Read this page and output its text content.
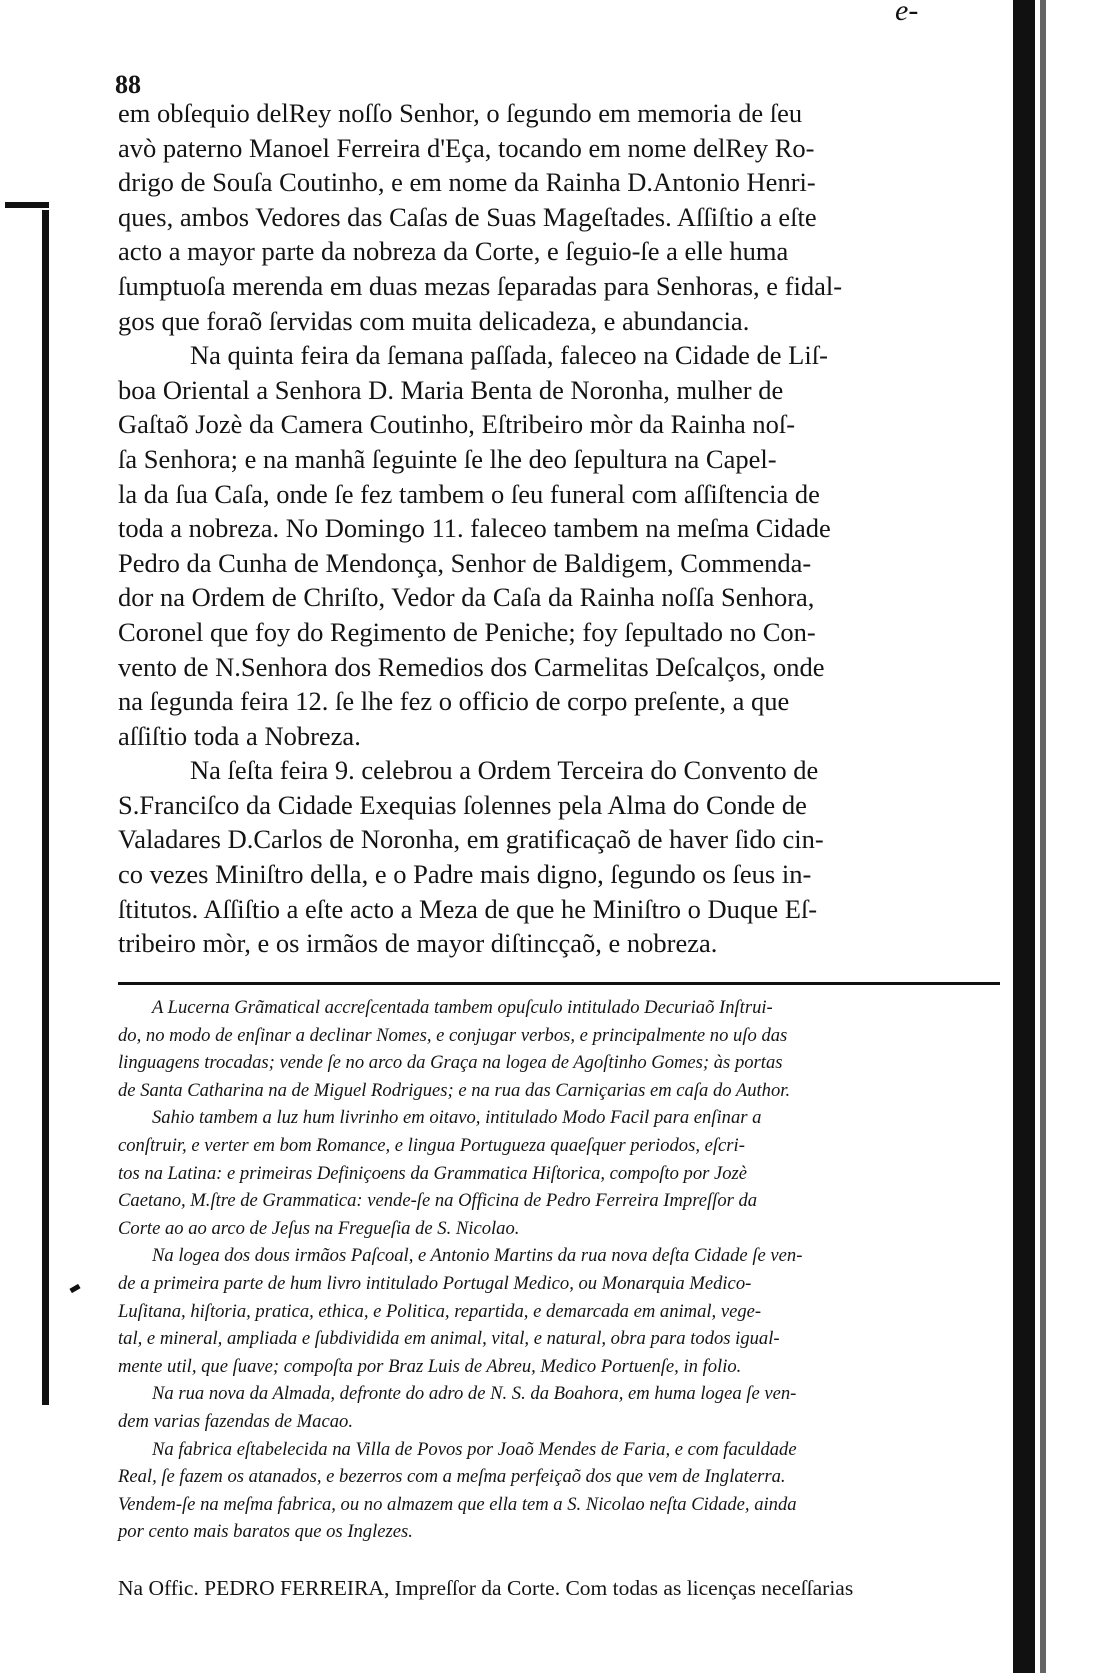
e-
88

em obſequio delRey noſſo Senhor, o ſegundo em memoria de ſeu
avò paterno Manoel Ferreira d'Eça, tocando em nome delRey Ro-
drigo de Souſa Coutinho, e em nome da Rainha D.Antonio Henri-
ques, ambos Vedores das Caſas de Suas Mageſtades. Aſſiſtio a eſte
acto a mayor parte da nobreza da Corte, e ſeguio-ſe a elle huma
ſumptuoſa merenda em duas mezas ſeparadas para Senhoras, e fidal-
gos que foraõ ſervidas com muita delicadeza, e abundancia.

Na quinta feira da ſemana paſſada, faleceo na Cidade de Liſ-
boa Oriental a Senhora D. Maria Benta de Noronha, mulher de
Gaſtaõ Jozè da Camera Coutinho, Eſtribeiro mòr da Rainha noſ-
ſa Senhora; e na manhã ſeguinte ſe lhe deo ſepultura na Capel-
la da ſua Caſa, onde ſe fez tambem o ſeu funeral com aſſiſtencia de
toda a nobreza. No Domingo 11. faleceo tambem na meſma Cidade
Pedro da Cunha de Mendonça, Senhor de Baldigem, Commenda-
dor na Ordem de Chriſto, Vedor da Caſa da Rainha noſſa Senhora,
Coronel que foy do Regimento de Peniche; foy ſepultado no Con-
vento de N.Senhora dos Remedios dos Carmelitas Deſcalços, onde
na ſegunda feira 12. ſe lhe fez o officio de corpo preſente, a que
aſſiſtio toda a Nobreza.

Na ſeſta feira 9. celebrou a Ordem Terceira do Convento de
S.Franciſco da Cidade Exequias ſolennes pela Alma do Conde de
Valadares D.Carlos de Noronha, em gratificaçaõ de haver ſido cin-
co vezes Miniſtro della, e o Padre mais digno, ſegundo os ſeus in-
ſtitutos. Aſſiſtio a eſte acto a Meza de que he Miniſtro o Duque Eſ-
tribeiro mòr, e os irmãos de mayor diſtincçaõ, e nobreza.

A Lucerna Grãmatical accreſcentada tambem opuſculo intitulado Decuriaõ Inſtrui-
do, no modo de enſinar a declinar Nomes, e conjugar verbos, e principalmente no uſo das
linguagens trocadas; vende ſe no arco da Graça na logea de Agoſtinho Gomes; às portas
de Santa Catharina na de Miguel Rodrigues; e na rua das Carniçarias em caſa do Author.

Sahio tambem a luz hum livrinho em oitavo, intitulado Modo Facil para enſinar a
conſtruir, e verter em bom Romance, e lingua Portugueza quaeſquer periodos, eſcri-
tos na Latina: e primeiras Definiçoens da Grammatica Hiſtorica, compoſto por Jozè
Caetano, M.ſtre de Grammatica: vende-ſe na Officina de Pedro Ferreira Impreſſor da
Corte ao ao arco de Jeſus na Fregueſia de S. Nicolao.

Na logea dos dous irmãos Paſcoal, e Antonio Martins da rua nova deſta Cidade ſe ven-
de a primeira parte de hum livro intitulado Portugal Medico, ou Monarquia Medico-
Luſitana, hiſtoria, pratica, ethica, e Politica, repartida, e demarcada em animal, vege-
tal, e mineral, ampliada e ſubdividida em animal, vital, e natural, obra para todos igual-
mente util, que ſuave; compoſta por Braz Luis de Abreu, Medico Portuenſe, in folio.

Na rua nova da Almada, defronte do adro de N. S. da Boahora, em huma logea ſe ven-
dem varias fazendas de Macao.

Na fabrica eſtabelecida na Villa de Povos por Joaõ Mendes de Faria, e com faculdade
Real, ſe fazem os atanados, e bezerros com a meſma perfeiçaõ dos que vem de Inglaterra.
Vendem-ſe na meſma fabrica, ou no almazem que ella tem a S. Nicolao neſta Cidade, ainda
por cento mais baratos que os Inglezes.

Na Offic. PEDRO FERREIRA, Impreſſor da Corte. Com todas as licenças neceſſarias
